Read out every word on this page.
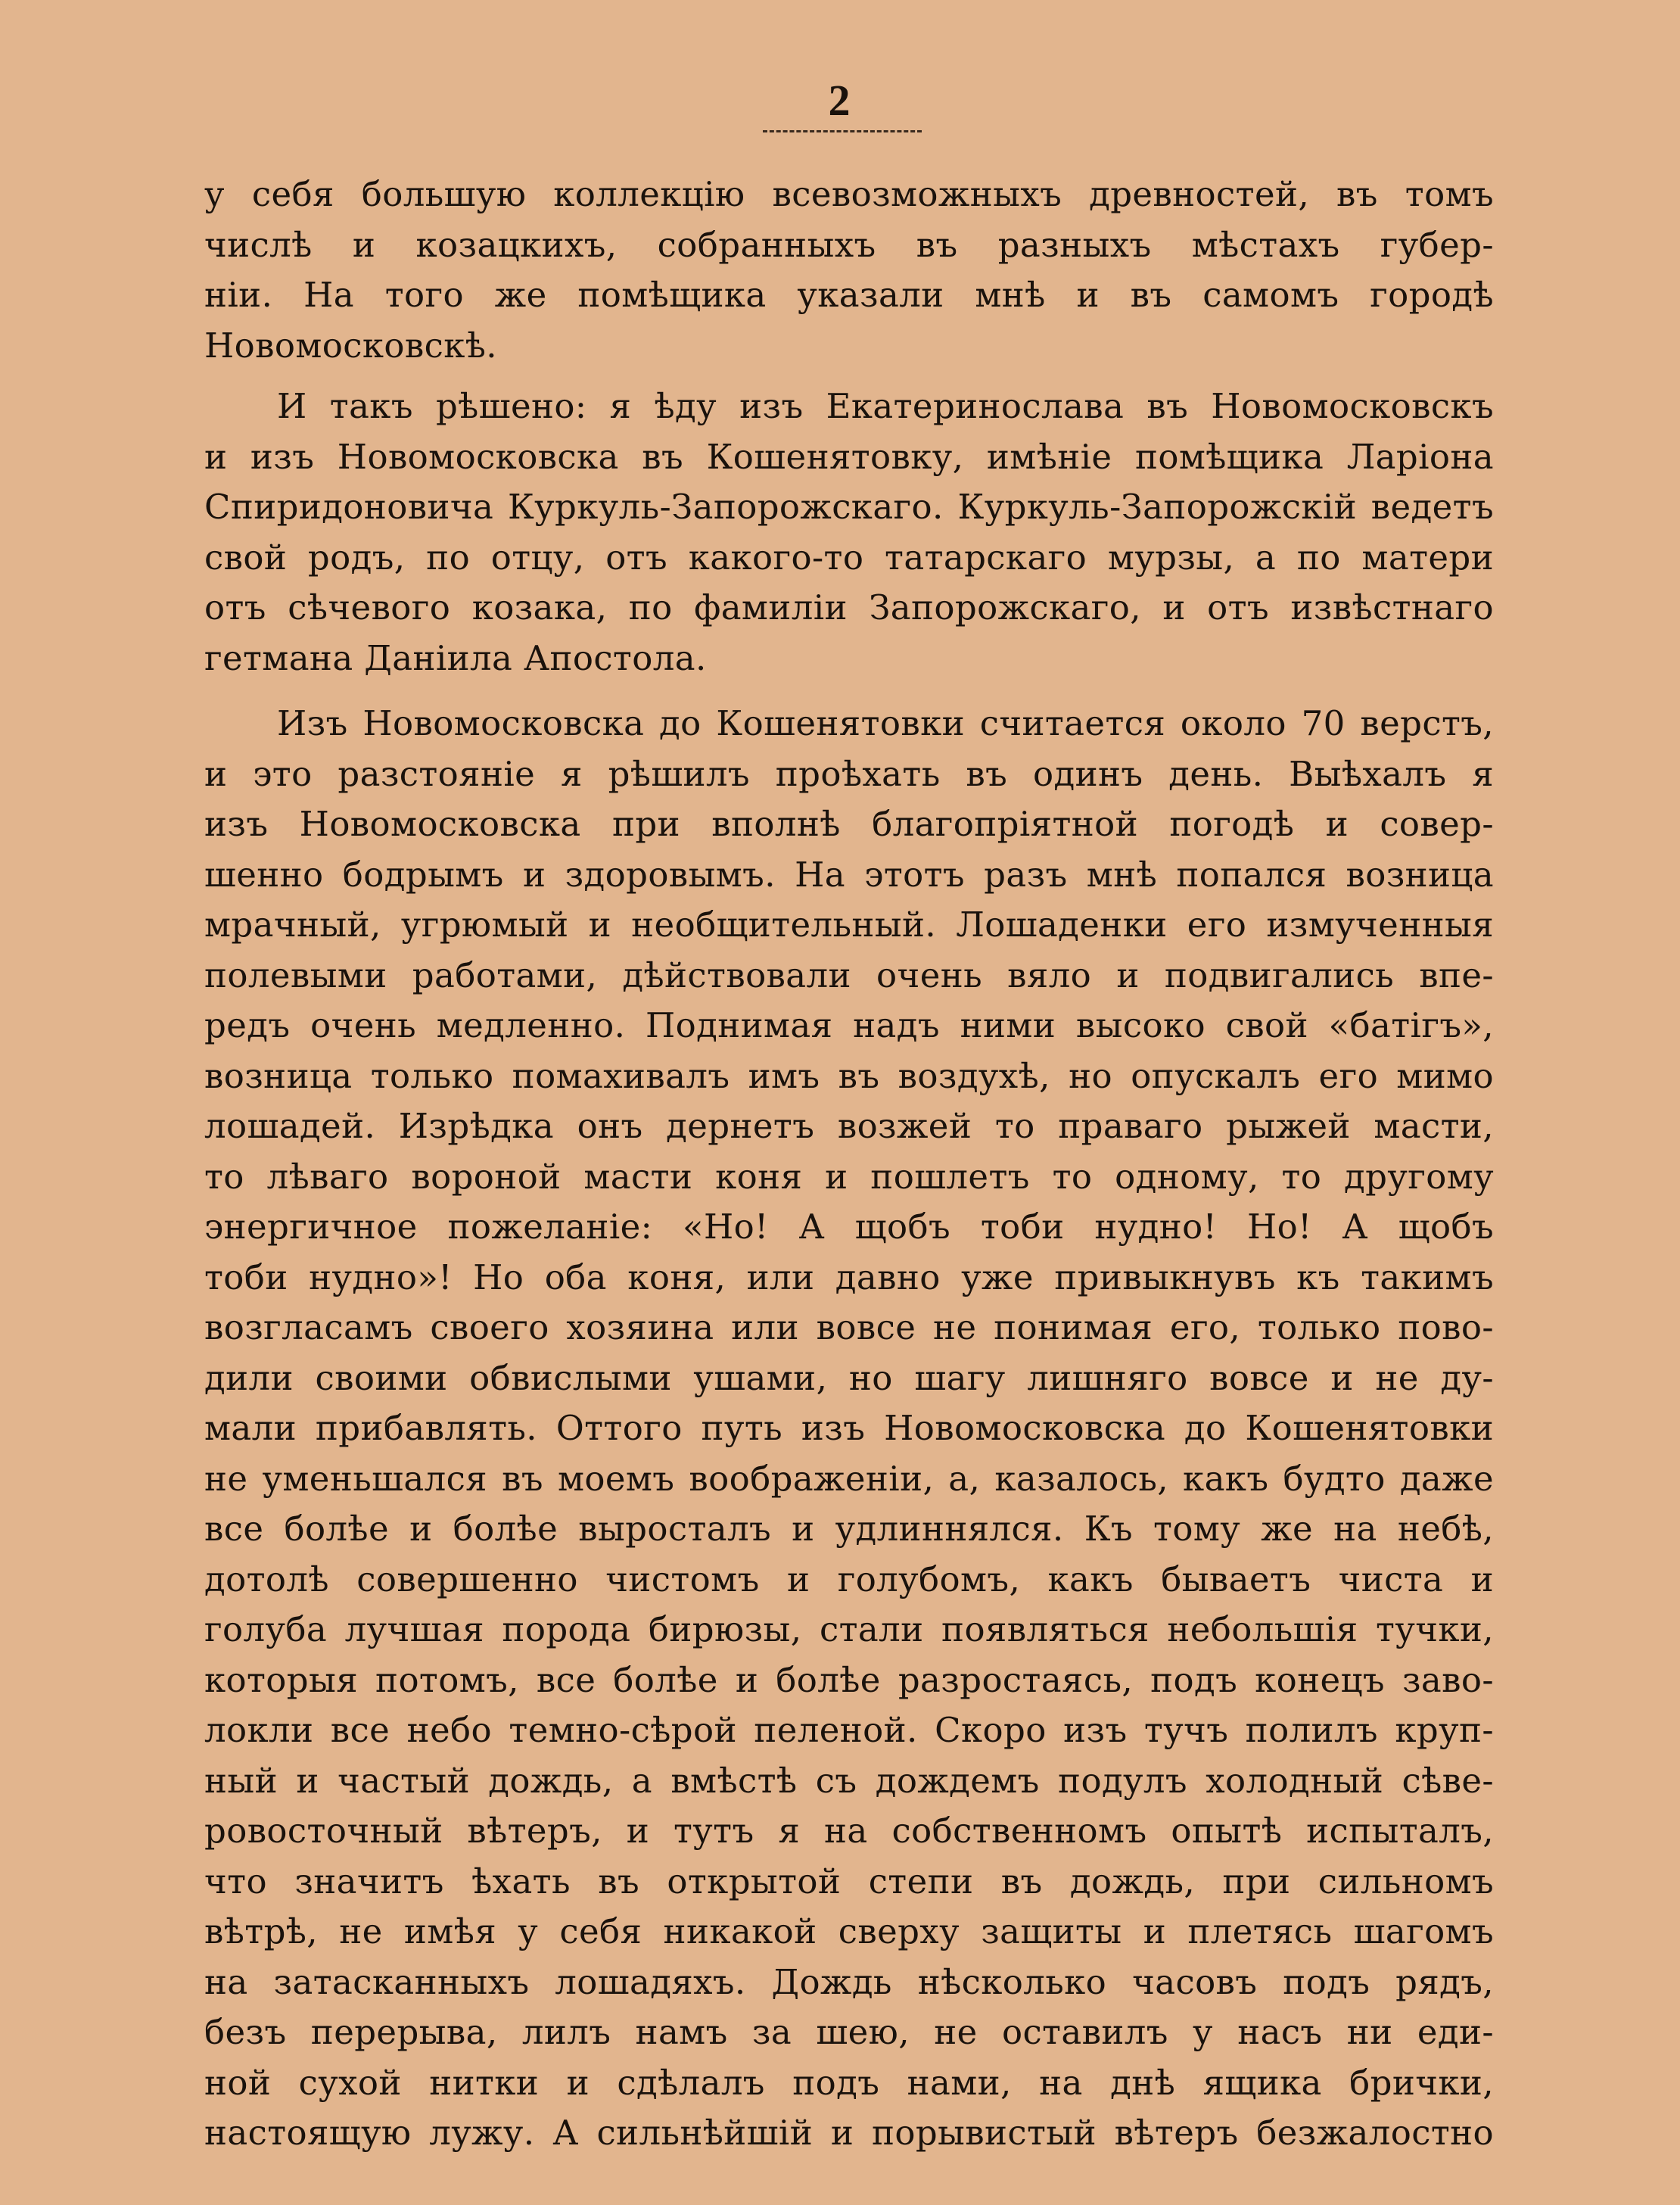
2
у себя большую коллекцію всевозможныхъ древностей, въ томъ
числѣ и козацкихъ, собранныхъ въ разныхъ мѣстахъ губер-
ніи. На того же помѣщика указали мнѣ и въ самомъ городѣ
Новомосковскѣ.
И такъ рѣшено: я ѣду изъ Екатеринослава въ Новомосковскъ
и изъ Новомосковска въ Кошенятовку, имѣніе помѣщика Ларіона
Спиридоновича Куркуль-Запорожскаго. Куркуль-Запорожскій ведетъ
свой родъ, по отцу, отъ какого-то татарскаго мурзы, а по матери
отъ сѣчевого козака, по фамиліи Запорожскаго, и отъ извѣстнаго
гетмана Даніила Апостола.
Изъ Новомосковска до Кошенятовки считается около 70 верстъ,
и это разстояніе я рѣшилъ проѣхать въ одинъ день. Выѣхалъ я
изъ Новомосковска при вполнѣ благопріятной погодѣ и совер-
шенно бодрымъ и здоровымъ. На этотъ разъ мнѣ попался возница
мрачный, угрюмый и необщительный. Лошаденки его измученныя
полевыми работами, дѣйствовали очень вяло и подвигались впе-
редъ очень медленно. Поднимая надъ ними высоко свой «батігъ»,
возница только помахивалъ имъ въ воздухѣ, но опускалъ его мимо
лошадей. Изрѣдка онъ дернетъ возжей то праваго рыжей масти,
то лѣваго вороной масти коня и пошлетъ то одному, то другому
энергичное пожеланіе: «Но! А щобъ тоби нудно! Но! А щобъ
тоби нудно»! Но оба коня, или давно уже привыкнувъ къ такимъ
возгласамъ своего хозяина или вовсе не понимая его, только пово-
дили своими обвислыми ушами, но шагу лишняго вовсе и не ду-
мали прибавлять. Оттого путь изъ Новомосковска до Кошенятовки
не уменьшался въ моемъ воображеніи, а, казалось, какъ будто даже
все болѣе и болѣе выросталъ и удлиннялся. Къ тому же на небѣ,
дотолѣ совершенно чистомъ и голубомъ, какъ бываетъ чиста и
голуба лучшая порода бирюзы, стали появляться небольшія тучки,
которыя потомъ, все болѣе и болѣе разростаясь, подъ конецъ заво-
локли все небо темно-сѣрой пеленой. Скоро изъ тучъ полилъ круп-
ный и частый дождь, а вмѣстѣ съ дождемъ подулъ холодный сѣве-
ровосточный вѣтеръ, и тутъ я на собственномъ опытѣ испыталъ,
что значитъ ѣхать въ открытой степи въ дождь, при сильномъ
вѣтрѣ, не имѣя у себя никакой сверху защиты и плетясь шагомъ
на затасканныхъ лошадяхъ. Дождь нѣсколько часовъ подъ рядъ,
безъ перерыва, лилъ намъ за шею, не оставилъ у насъ ни еди-
ной сухой нитки и сдѣлалъ подъ нами, на днѣ ящика брички,
настоящую лужу. А сильнѣйшій и порывистый вѣтеръ безжалостно
